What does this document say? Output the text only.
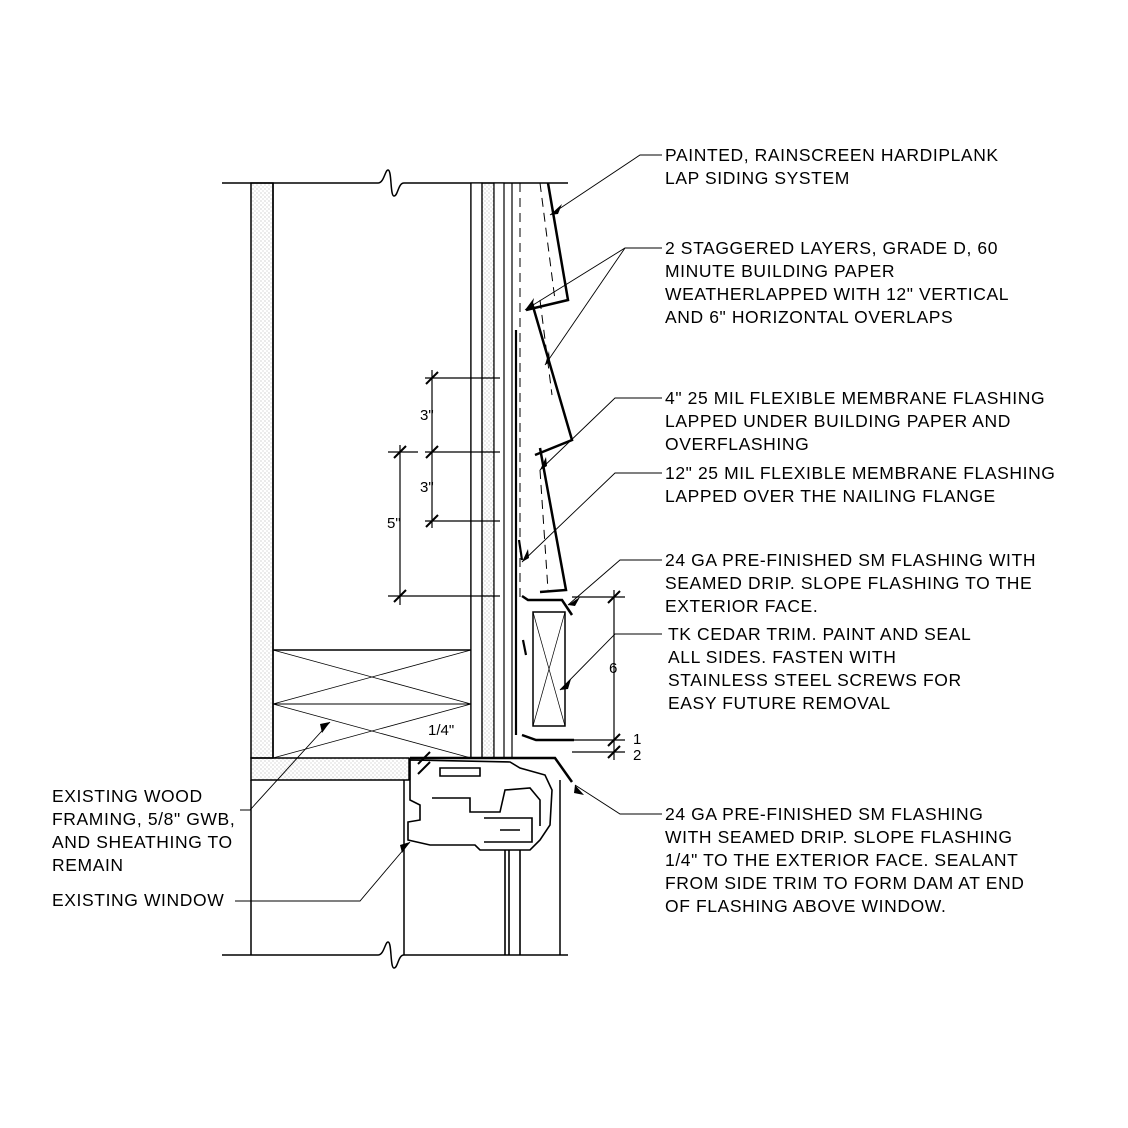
3"
3"
5"
6
1/4"
1
2
PAINTED, RAINSCREEN HARDIPLANK
LAP SIDING SYSTEM
2 STAGGERED LAYERS, GRADE D, 60
MINUTE BUILDING PAPER
WEATHERLAPPED WITH 12" VERTICAL
AND 6" HORIZONTAL OVERLAPS
4" 25 MIL FLEXIBLE MEMBRANE FLASHING
LAPPED UNDER BUILDING PAPER AND
OVERFLASHING
12" 25 MIL FLEXIBLE MEMBRANE FLASHING
LAPPED OVER THE NAILING FLANGE
24 GA PRE-FINISHED SM FLASHING WITH
SEAMED DRIP. SLOPE FLASHING TO THE
EXTERIOR FACE.
TK CEDAR TRIM. PAINT AND SEAL
ALL SIDES. FASTEN WITH
STAINLESS STEEL SCREWS FOR
EASY FUTURE REMOVAL
24 GA PRE-FINISHED SM FLASHING
WITH SEAMED DRIP. SLOPE FLASHING
1/4" TO THE EXTERIOR FACE. SEALANT
FROM SIDE TRIM TO FORM DAM AT END
OF FLASHING ABOVE WINDOW.
EXISTING WOOD
FRAMING, 5/8" GWB,
AND SHEATHING TO
REMAIN
EXISTING WINDOW
